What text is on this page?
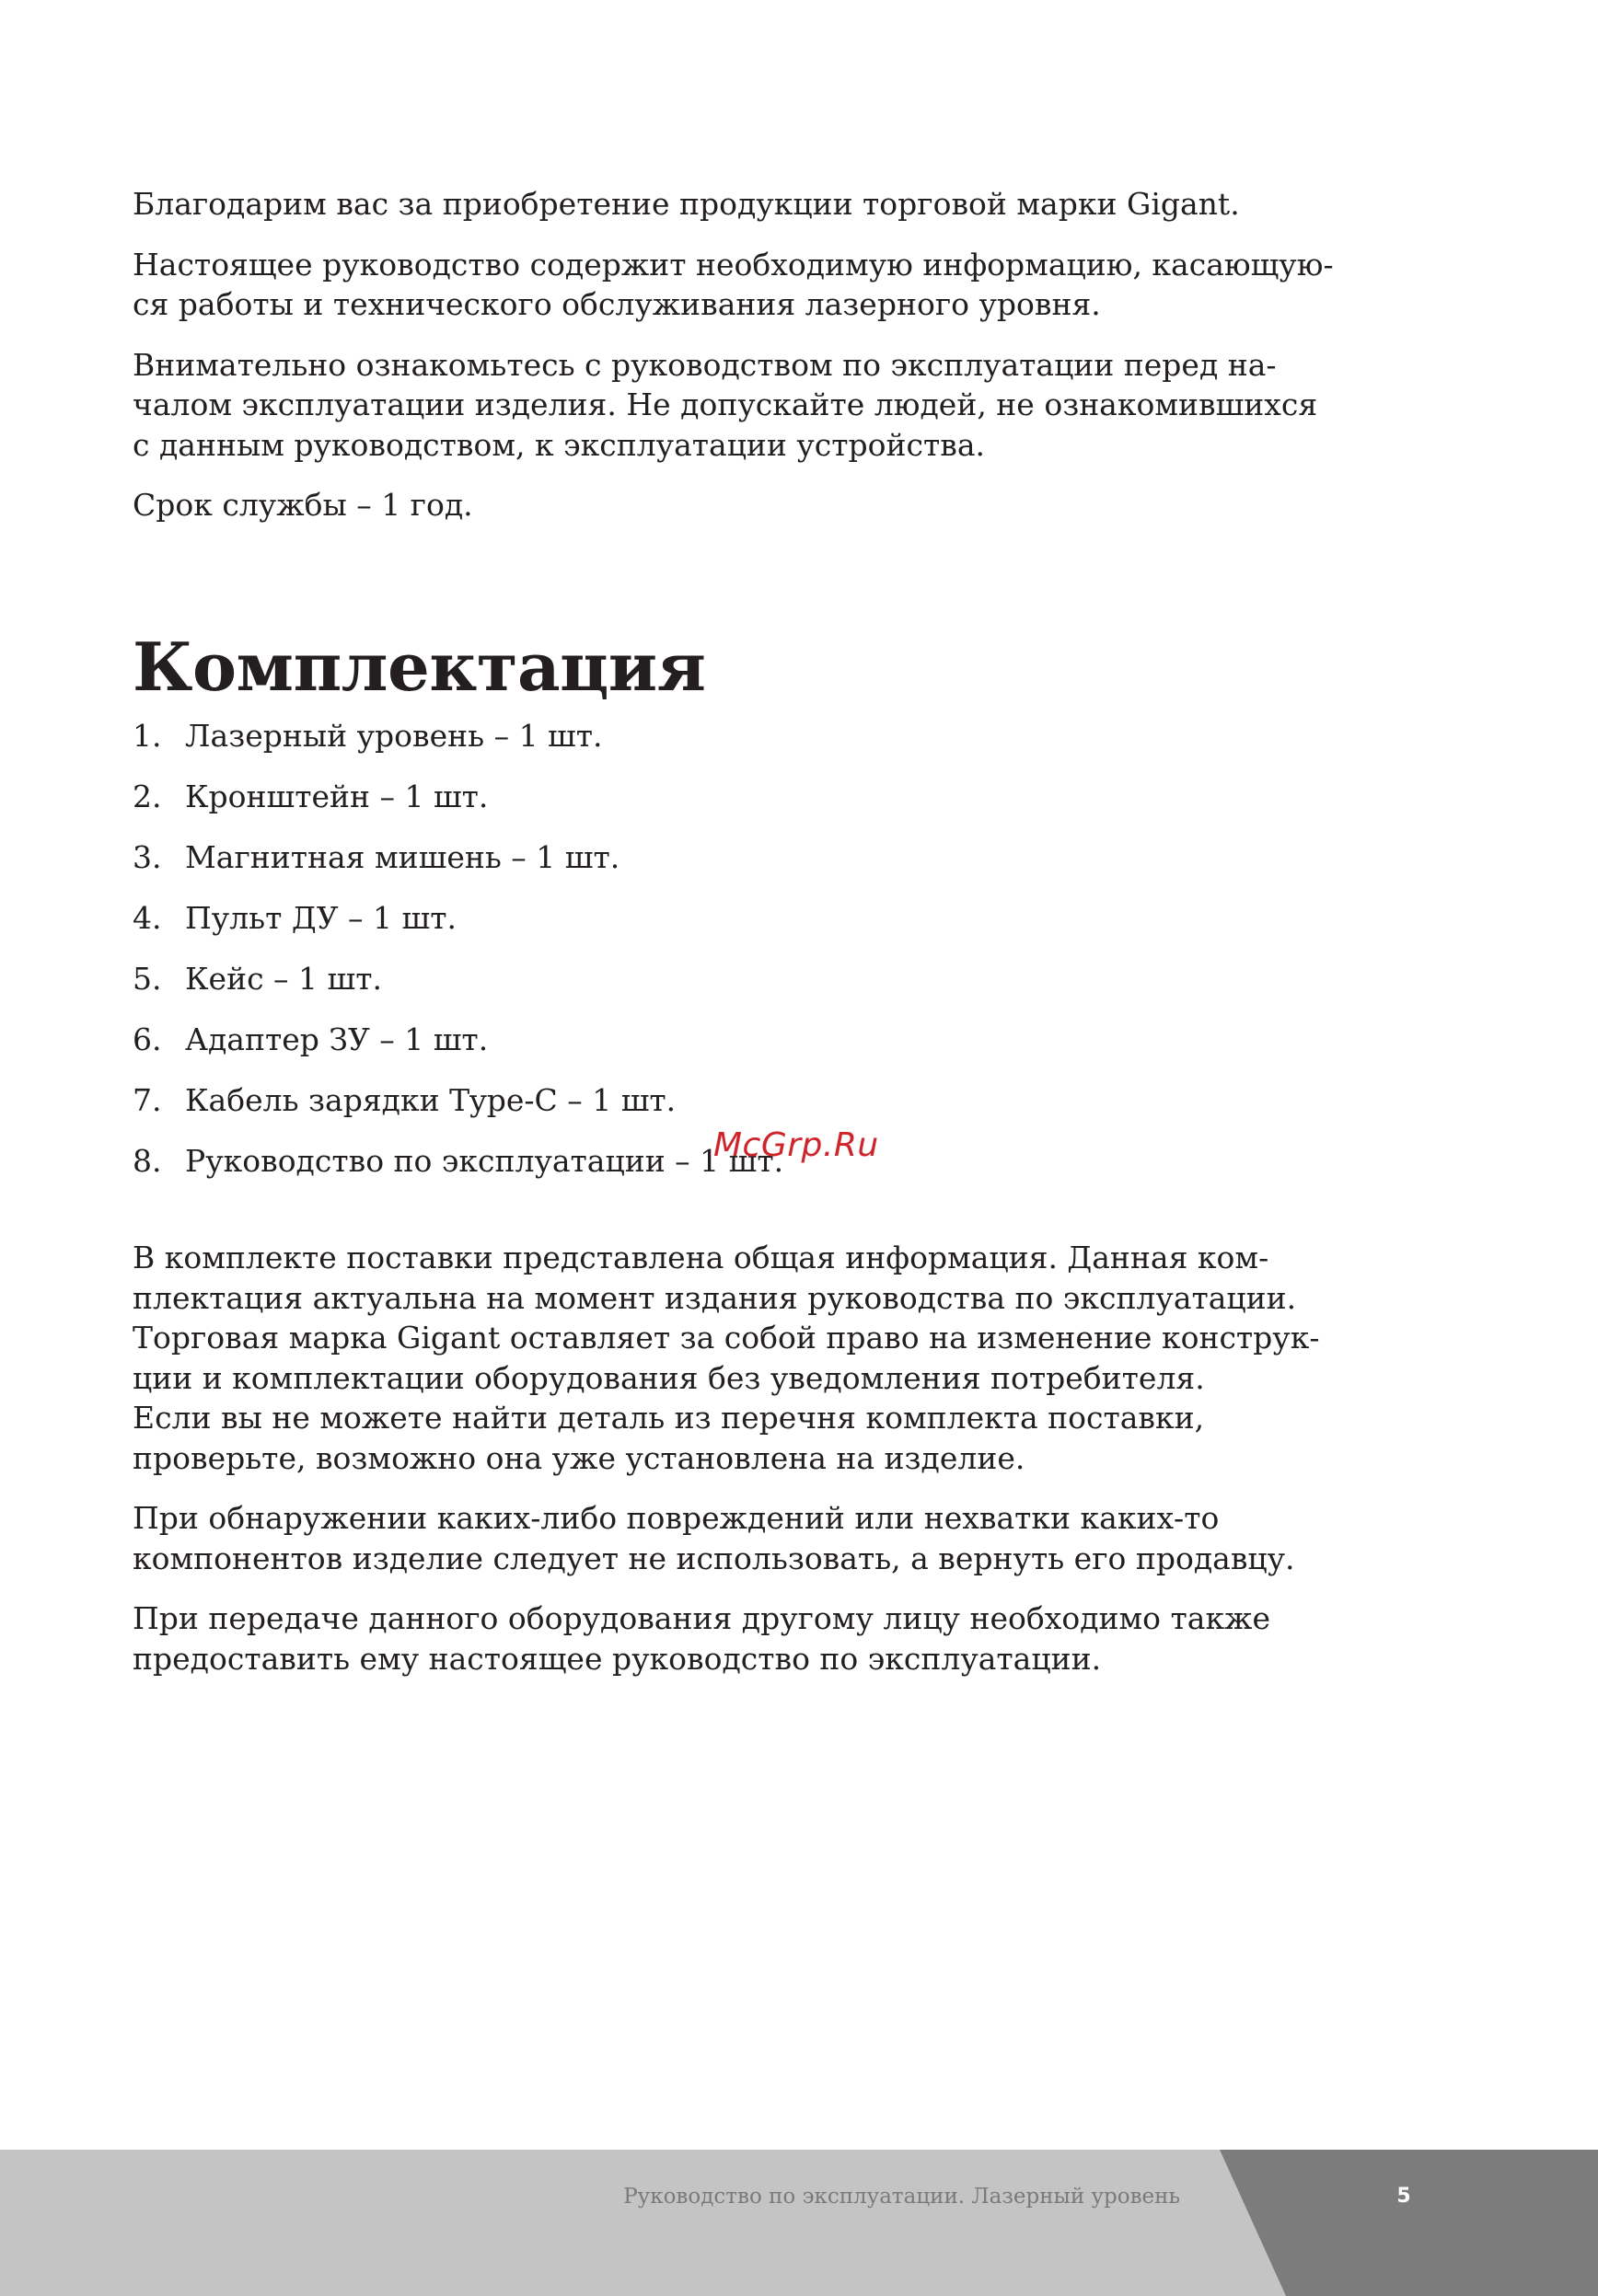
Благодарим вас за приобретение продукции торговой марки Gigant.

Настоящее руководство содержит необходимую информацию, касающую-
ся работы и технического обслуживания лазерного уровня.

Внимательно ознакомьтесь с руководством по эксплуатации перед на-
чалом эксплуатации изделия. Не допускайте людей, не ознакомившихся
с данным руководством, к эксплуатации устройства.

Срок службы – 1 год.

Комплектация
1. Лазерный уровень – 1 шт.
2. Кронштейн – 1 шт.
3. Магнитная мишень – 1 шт.
4. Пульт ДУ – 1 шт.
5. Кейс – 1 шт.
6. Адаптер ЗУ – 1 шт.
7. Кабель зарядки Type-C – 1 шт.
8. Руководство по эксплуатации – 1 шт.

В комплекте поставки представлена общая информация. Данная ком-
плектация актуальна на момент издания руководства по эксплуатации.
Торговая марка Gigant оставляет за собой право на изменение конструк-
ции и комплектации оборудования без уведомления потребителя.
Если вы не можете найти деталь из перечня комплекта поставки,
проверьте, возможно она уже установлена на изделие.

При обнаружении каких-либо повреждений или нехватки каких-то
компонентов изделие следует не использовать, а вернуть его продавцу.

При передаче данного оборудования другому лицу необходимо также
предоставить ему настоящее руководство по эксплуатации.

McGrp.Ru
Руководство по эксплуатации. Лазерный уровень	5
